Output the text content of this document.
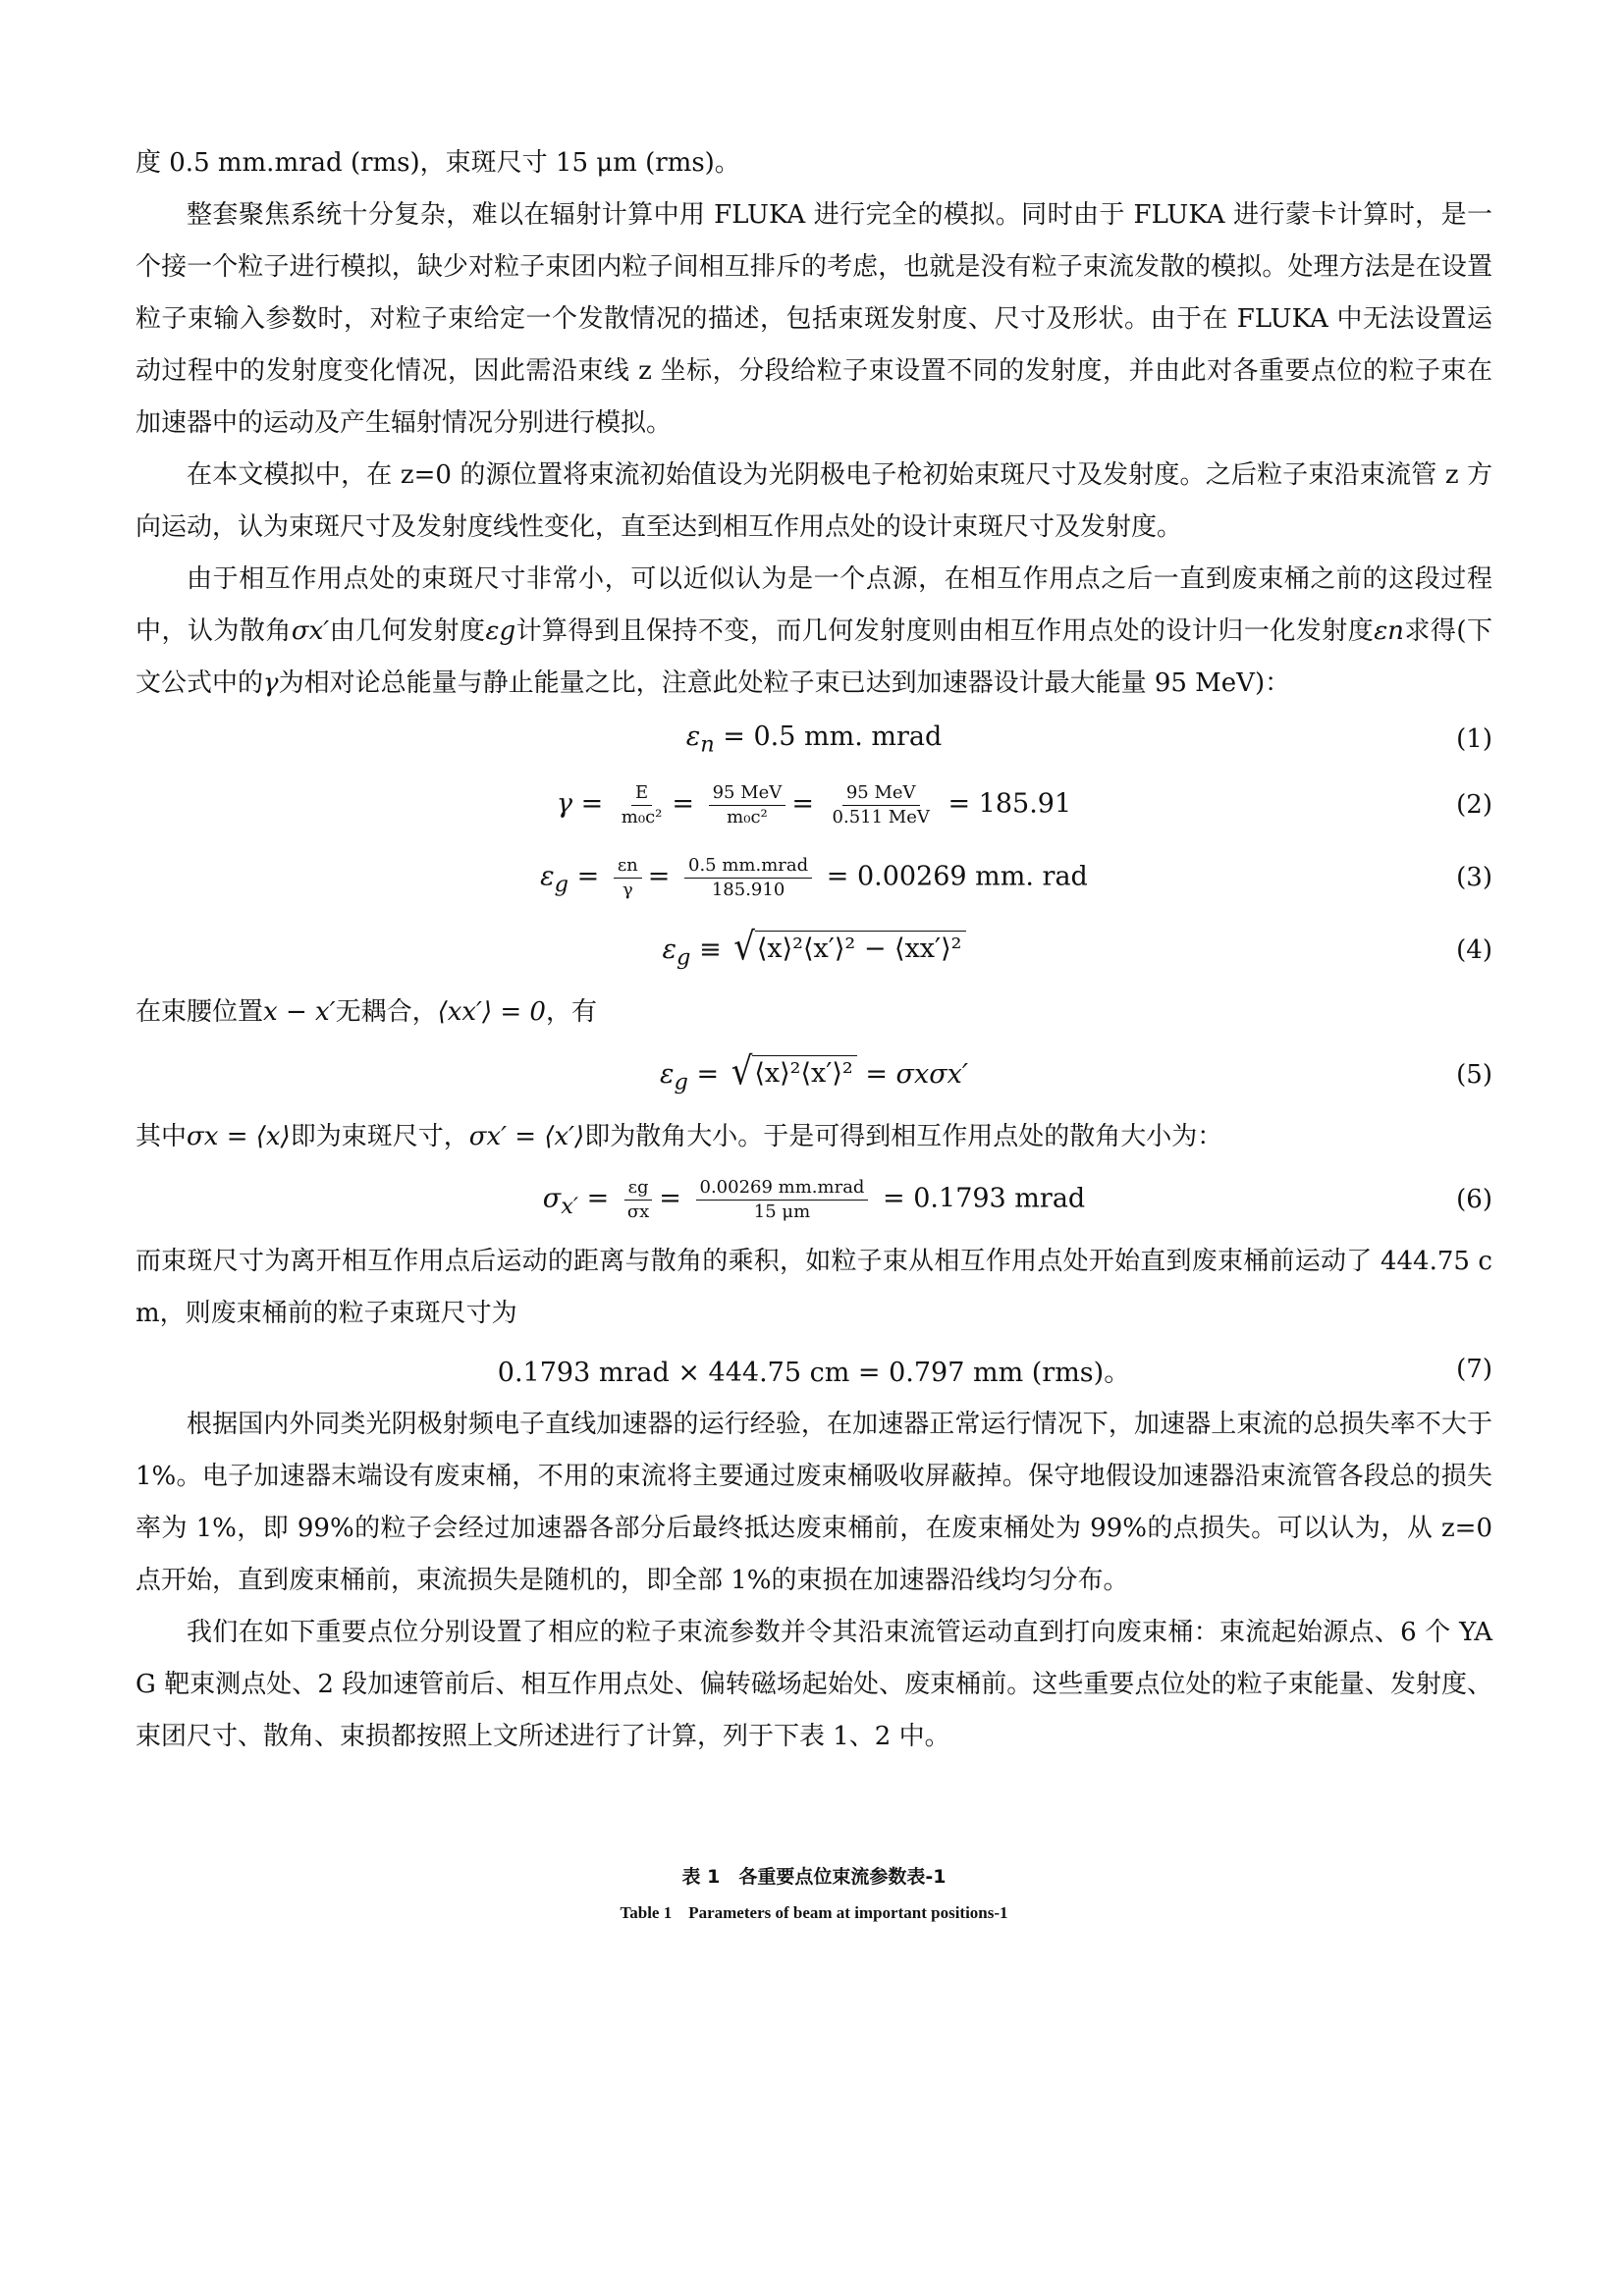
度 0.5 mm.mrad (rms)，束斑尺寸 15 μm (rms)。

整套聚焦系统十分复杂，难以在辐射计算中用 FLUKA 进行完全的模拟。同时由于 FLUKA 进行蒙卡计算时，是一个接一个粒子进行模拟，缺少对粒子束团内粒子间相互排斥的考虑，也就是没有粒子束流发散的模拟。处理方法是在设置粒子束输入参数时，对粒子束给定一个发散情况的描述，包括束斑发射度、尺寸及形状。由于在 FLUKA 中无法设置运动过程中的发射度变化情况，因此需沿束线 z 坐标，分段给粒子束设置不同的发射度，并由此对各重要点位的粒子束在加速器中的运动及产生辐射情况分别进行模拟。

在本文模拟中，在 z=0 的源位置将束流初始值设为光阴极电子枪初始束斑尺寸及发射度。之后粒子束沿束流管 z 方向运动，认为束斑尺寸及发射度线性变化，直至达到相互作用点处的设计束斑尺寸及发射度。

由于相互作用点处的束斑尺寸非常小，可以近似认为是一个点源，在相互作用点之后一直到废束桶之前的这段过程中，认为散角σx′由几何发射度εg计算得到且保持不变，而几何发射度则由相互作用点处的设计归一化发射度εn求得(下文公式中的γ为相对论总能量与静止能量之比，注意此处粒子束已达到加速器设计最大能量 95 MeV)：

$\varepsilon_n = 0.5$ mm. mrad	(1)
$\gamma = \frac{E}{\text{m₀c²}} = \frac{\text{95 MeV}}{\text{m₀c²}} = \frac{\text{95 MeV}}{\text{0.511 MeV}} = 185.91$	(2)
$\varepsilon_g = \frac{\varepsilon n}{\gamma} = \frac{\text{0.5 mm.mrad}}{185.910} = 0.00269$ mm. rad	(3)
$\varepsilon_g$ ≡ √ ⟨x⟩²⟨x′⟩² − ⟨xx′⟩²	(4)

在束腰位置x − x′无耦合，⟨xx′⟩ = 0，有

$\varepsilon_g$ = √ ⟨x⟩²⟨x′⟩² = σxσx′	(5)

其中σx = ⟨x⟩即为束斑尺寸，σx′ = ⟨x′⟩即为散角大小。于是可得到相互作用点处的散角大小为：

$\sigma_{x'} = \frac{\varepsilon g}{\sigma x} = \frac{\text{0.00269 mm.mrad}}{15 \mu m} = 0.1793$ mrad	(6)

而束斑尺寸为离开相互作用点后运动的距离与散角的乘积，如粒子束从相互作用点处开始直到废束桶前运动了 444.75 cm，则废束桶前的粒子束斑尺寸为

0.1793 mrad × 444.75 cm = 0.797 mm (rms)。	(7)

根据国内外同类光阴极射频电子直线加速器的运行经验，在加速器正常运行情况下，加速器上束流的总损失率不大于 1%。电子加速器末端设有废束桶，不用的束流将主要通过废束桶吸收屏蔽掉。保守地假设加速器沿束流管各段总的损失率为 1%，即 99%的粒子会经过加速器各部分后最终抵达废束桶前，在废束桶处为 99%的点损失。可以认为，从 z=0 点开始，直到废束桶前，束流损失是随机的，即全部 1%的束损在加速器沿线均匀分布。

我们在如下重要点位分别设置了相应的粒子束流参数并令其沿束流管运动直到打向废束桶：束流起始源点、6 个 YAG 靶束测点处、2 段加速管前后、相互作用点处、偏转磁场起始处、废束桶前。这些重要点位处的粒子束能量、发射度、束团尺寸、散角、束损都按照上文所述进行了计算，列于下表 1、2 中。

表 1　各重要点位束流参数表-1

Table 1　Parameters of beam at important positions-1
